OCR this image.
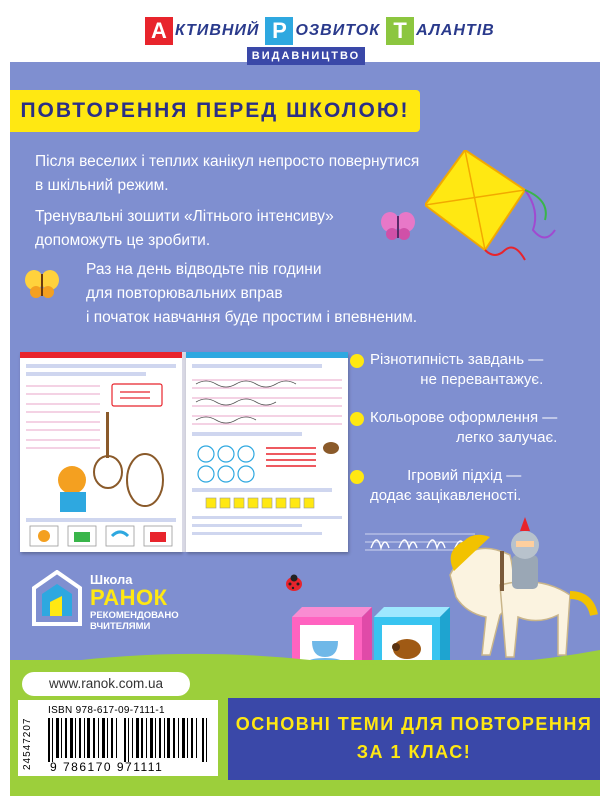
А КТИВНИЙ Р ОЗВИТОК Т АЛАНТІВ
ВИДАВНИЦТВО
ПОВТОРЕННЯ ПЕРЕД ШКОЛОЮ!
Після веселих і теплих канікул непросто повернутися
в шкільний режим.
Тренувальні зошити «Літнього інтенсиву»
допоможуть це зробити.
Раз на день відводьте пів години
для повторювальних вправ
і початок навчання буде простим і впевненим.
Різнотипність завдань —
не перевантажує.
Кольорове оформлення —
легко залучає.
Ігровий підхід —
додає зацікавленості.
Школа
РАНОК
РЕКОМЕНДОВАНО
ВЧИТЕЛЯМИ
www.ranok.com.ua
24547207
ISBN 978-617-09-7111-1
9 786170 971111
ОСНОВНІ ТЕМИ ДЛЯ ПОВТОРЕННЯ
ЗА 1 КЛАС!
